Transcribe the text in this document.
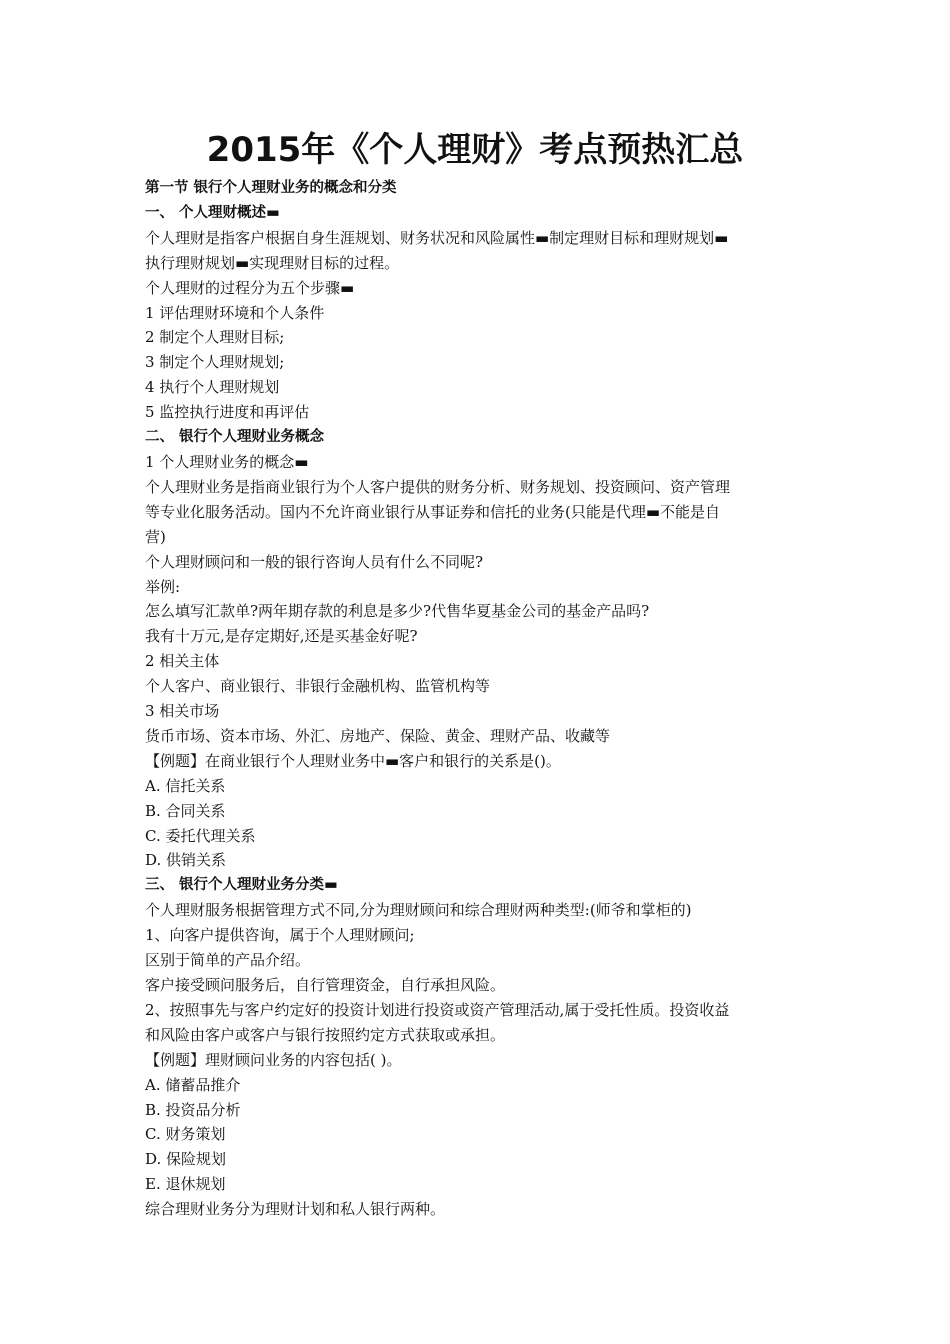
2015年《个人理财》考点预热汇总

第一节 银行个人理财业务的概念和分类

一、 个人理财概述▬

个人理财是指客户根据自身生涯规划、财务状况和风险属性▬制定理财目标和理财规划▬

执行理财规划▬实现理财目标的过程。

个人理财的过程分为五个步骤▬

1 评估理财环境和个人条件

2 制定个人理财目标;

3 制定个人理财规划;

4 执行个人理财规划

5 监控执行进度和再评估

二、 银行个人理财业务概念

1 个人理财业务的概念▬

个人理财业务是指商业银行为个人客户提供的财务分析、财务规划、投资顾问、资产管理

等专业化服务活动。国内不允许商业银行从事证券和信托的业务(只能是代理▬不能是自

营)

个人理财顾问和一般的银行咨询人员有什么不同呢?

举例:

怎么填写汇款单?两年期存款的利息是多少?代售华夏基金公司的基金产品吗?

我有十万元,是存定期好,还是买基金好呢?

2 相关主体

个人客户、商业银行、非银行金融机构、监管机构等

3 相关市场

货币市场、资本市场、外汇、房地产、保险、黄金、理财产品、收藏等

【例题】在商业银行个人理财业务中▬客户和银行的关系是()。

A. 信托关系

B. 合同关系

C. 委托代理关系

D. 供销关系

三、 银行个人理财业务分类▬

个人理财服务根据管理方式不同,分为理财顾问和综合理财两种类型:(师爷和掌柜的)

1、向客户提供咨询，属于个人理财顾问;

区别于简单的产品介绍。

客户接受顾问服务后，自行管理资金，自行承担风险。

2、按照事先与客户约定好的投资计划进行投资或资产管理活动,属于受托性质。投资收益

和风险由客户或客户与银行按照约定方式获取或承担。

【例题】理财顾问业务的内容包括( )。

A. 储蓄品推介

B. 投资品分析

C. 财务策划

D. 保险规划

E. 退休规划

综合理财业务分为理财计划和私人银行两种。
